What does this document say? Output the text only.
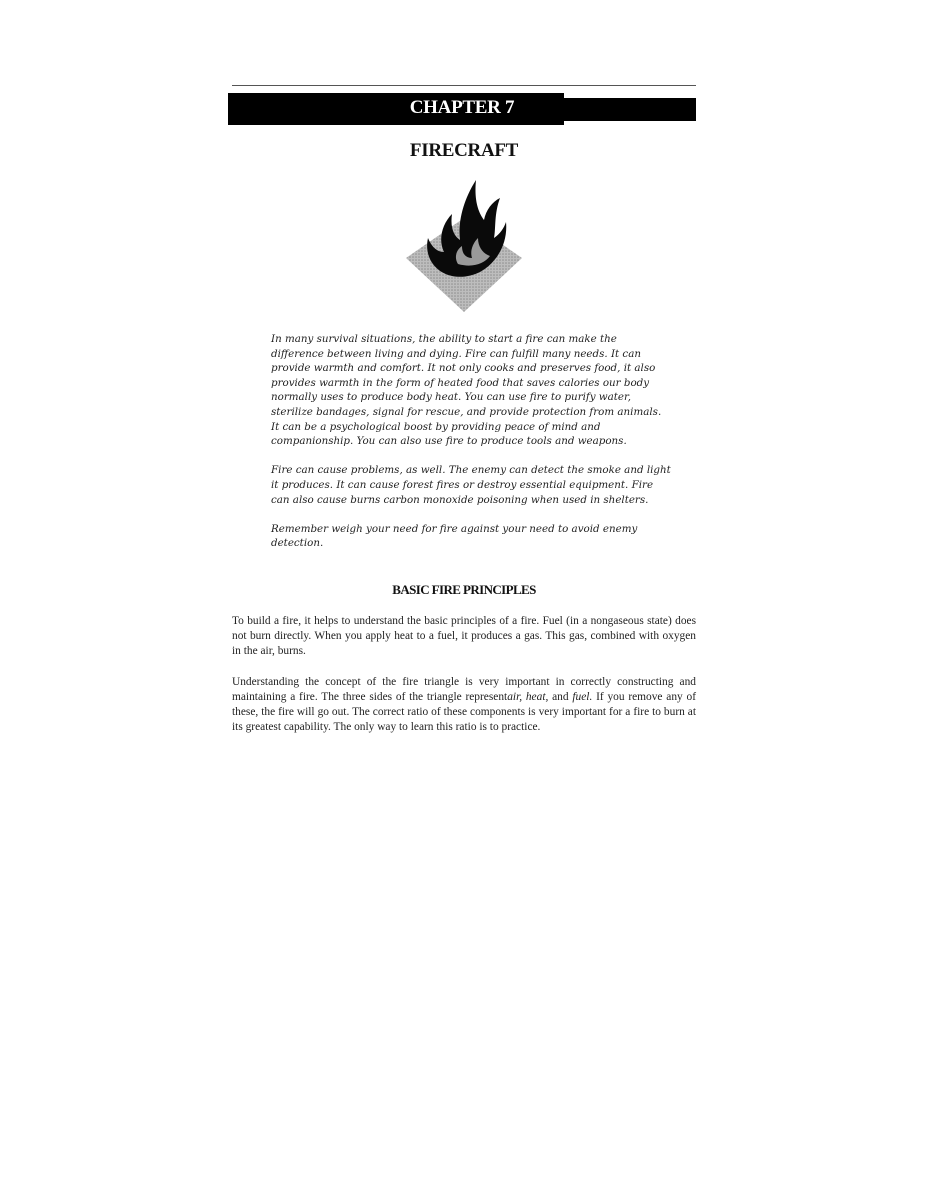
CHAPTER 7
FIRECRAFT

In many survival situations, the ability to start a fire can make the difference between living and dying. Fire can fulfill many needs. It can provide warmth and comfort. It not only cooks and preserves food, it also provides warmth in the form of heated food that saves calories our body normally uses to produce body heat. You can use fire to purify water, sterilize bandages, signal for rescue, and provide protection from animals. It can be a psychological boost by providing peace of mind and companionship. You can also use fire to produce tools and weapons.

Fire can cause problems, as well. The enemy can detect the smoke and light it produces. It can cause forest fires or destroy essential equipment. Fire can also cause burns carbon monoxide poisoning when used in shelters.

Remember weigh your need for fire against your need to avoid enemy detection.

BASIC FIRE PRINCIPLES

To build a fire, it helps to understand the basic principles of a fire. Fuel (in a nongaseous state) does not burn directly. When you apply heat to a fuel, it produces a gas. This gas, combined with oxygen in the air, burns.

Understanding the concept of the fire triangle is very important in correctly constructing and maintaining a fire. The three sides of the triangle representair, heat, and fuel. If you remove any of these, the fire will go out. The correct ratio of these components is very important for a fire to burn at its greatest capability. The only way to learn this ratio is to practice.
